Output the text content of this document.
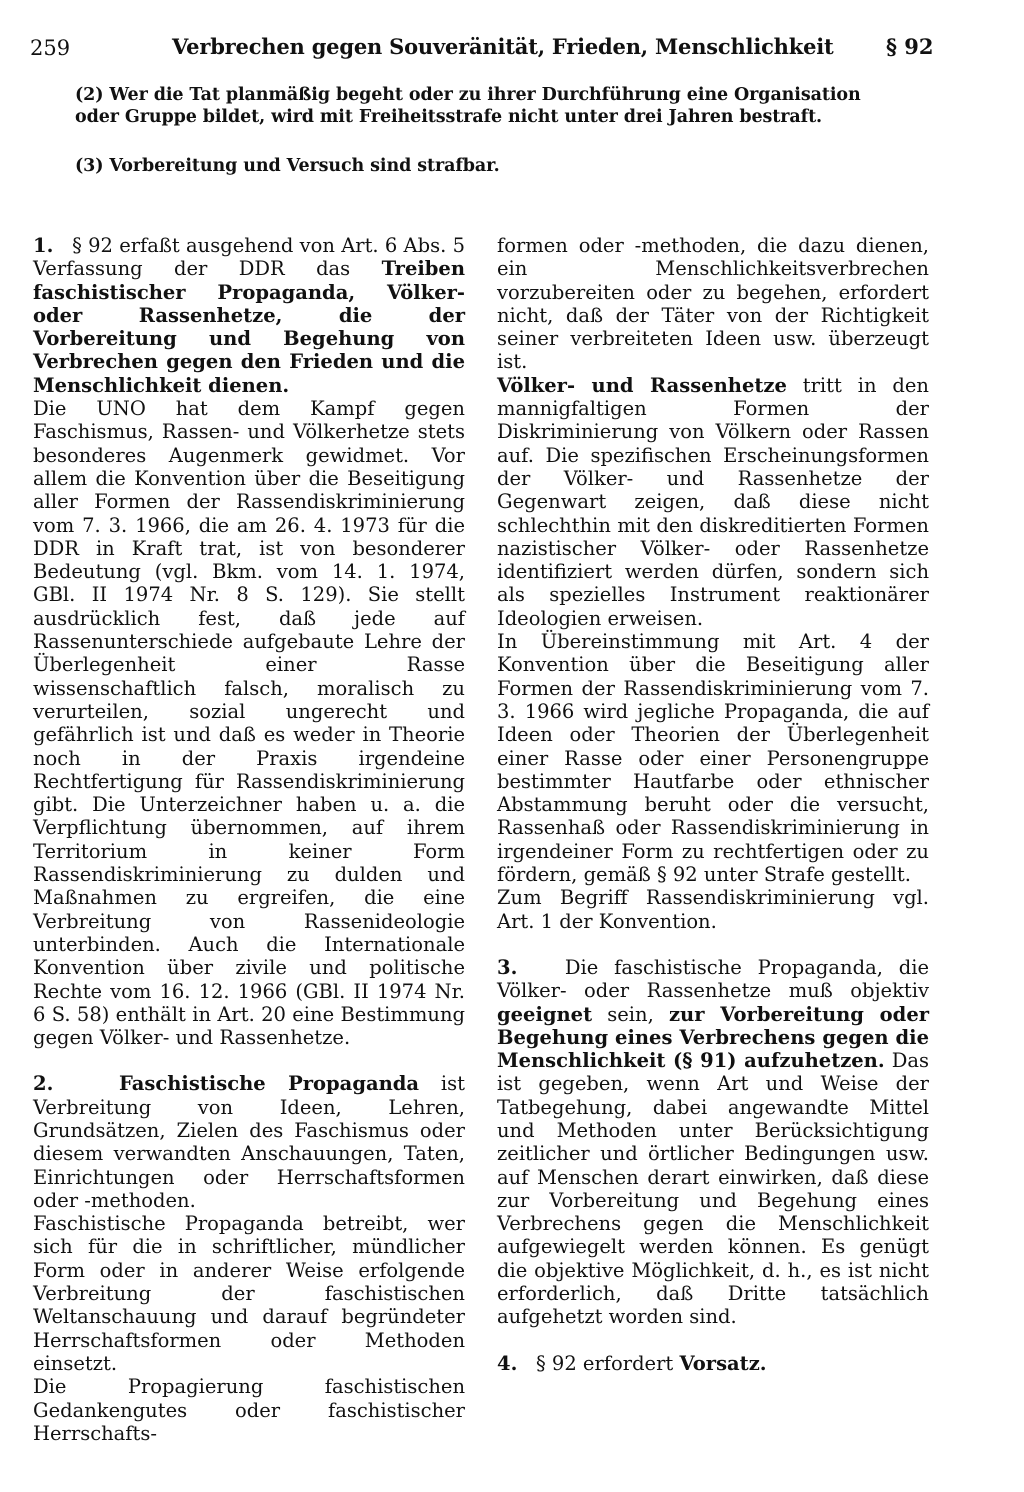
259	Verbrechen gegen Souveränität, Frieden, Menschlichkeit § 92
(2) Wer die Tat planmäßig begeht oder zu ihrer Durchführung eine Organisation oder Gruppe bildet, wird mit Freiheitsstrafe nicht unter drei Jahren bestraft.
(3) Vorbereitung und Versuch sind strafbar.

1. § 92 erfaßt ausgehend von Art. 6 Abs. 5 Verfassung der DDR das Treiben faschistischer Propaganda, Völker- oder Rassenhetze, die der Vorbereitung und Begehung von Verbrechen gegen den Frieden und die Menschlichkeit dienen.

Die UNO hat dem Kampf gegen Faschismus, Rassen- und Völkerhetze stets besonderes Augenmerk gewidmet. Vor allem die Konvention über die Beseitigung aller Formen der Rassendiskriminierung vom 7. 3. 1966, die am 26. 4. 1973 für die DDR in Kraft trat, ist von besonderer Bedeutung (vgl. Bkm. vom 14. 1. 1974, GBl. II 1974 Nr. 8 S. 129). Sie stellt ausdrücklich fest, daß jede auf Rassenunterschiede aufgebaute Lehre der Überlegenheit einer Rasse wissenschaftlich falsch, moralisch zu verurteilen, sozial ungerecht und gefährlich ist und daß es weder in Theorie noch in der Praxis irgendeine Rechtfertigung für Rassendiskriminierung gibt. Die Unterzeichner haben u. a. die Verpflichtung übernommen, auf ihrem Territorium in keiner Form Rassendiskriminierung zu dulden und Maßnahmen zu ergreifen, die eine Verbreitung von Rassenideologie unterbinden. Auch die Internationale Konvention über zivile und politische Rechte vom 16. 12. 1966 (GBl. II 1974 Nr. 6 S. 58) enthält in Art. 20 eine Bestimmung gegen Völker- und Rassenhetze.

2.	Faschistische Propaganda ist Verbreitung von Ideen, Lehren, Grundsätzen, Zielen des Faschismus oder diesem verwandten Anschauungen, Taten, Einrichtungen oder Herrschaftsformen oder -methoden.

Faschistische Propaganda betreibt, wer sich für die in schriftlicher, mündlicher Form oder in anderer Weise erfolgende Verbreitung der faschistischen Weltanschauung und darauf begründeter Herrschaftsformen oder Methoden einsetzt.

Die Propagierung faschistischen Gedankengutes oder faschistischer Herrschafts-

formen oder -methoden, die dazu dienen, ein Menschlichkeitsverbrechen vorzubereiten oder zu begehen, erfordert nicht, daß der Täter von der Richtigkeit seiner verbreiteten Ideen usw. überzeugt ist.

Völker- und Rassenhetze tritt in den mannigfaltigen Formen der Diskriminierung von Völkern oder Rassen auf. Die spezifischen Erscheinungsformen der Völker- und Rassenhetze der Gegenwart zeigen, daß diese nicht schlechthin mit den diskreditierten Formen nazistischer Völker- oder Rassenhetze identifiziert werden dürfen, sondern sich als spezielles Instrument reaktionärer Ideologien erweisen.

In Übereinstimmung mit Art. 4 der Konvention über die Beseitigung aller Formen der Rassendiskriminierung vom 7. 3. 1966 wird jegliche Propaganda, die auf Ideen oder Theorien der Überlegenheit einer Rasse oder einer Personengruppe bestimmter Hautfarbe oder ethnischer Abstammung beruht oder die versucht, Rassenhaß oder Rassendiskriminierung in irgendeiner Form zu rechtfertigen oder zu fördern, gemäß § 92 unter Strafe gestellt.

Zum Begriff Rassendiskriminierung vgl. Art. 1 der Konvention.

3. Die faschistische Propaganda, die Völker- oder Rassenhetze muß objektiv geeignet sein, zur Vorbereitung oder Begehung eines Verbrechens gegen die Menschlichkeit (§ 91) aufzuhetzen. Das ist gegeben, wenn Art und Weise der Tatbegehung, dabei angewandte Mittel und Methoden unter Berücksichtigung zeitlicher und örtlicher Bedingungen usw. auf Menschen derart einwirken, daß diese zur Vorbereitung und Begehung eines Verbrechens gegen die Menschlichkeit aufgewiegelt werden können. Es genügt die objektive Möglichkeit, d. h., es ist nicht erforderlich, daß Dritte tatsächlich aufgehetzt worden sind.

4. § 92 erfordert Vorsatz.
